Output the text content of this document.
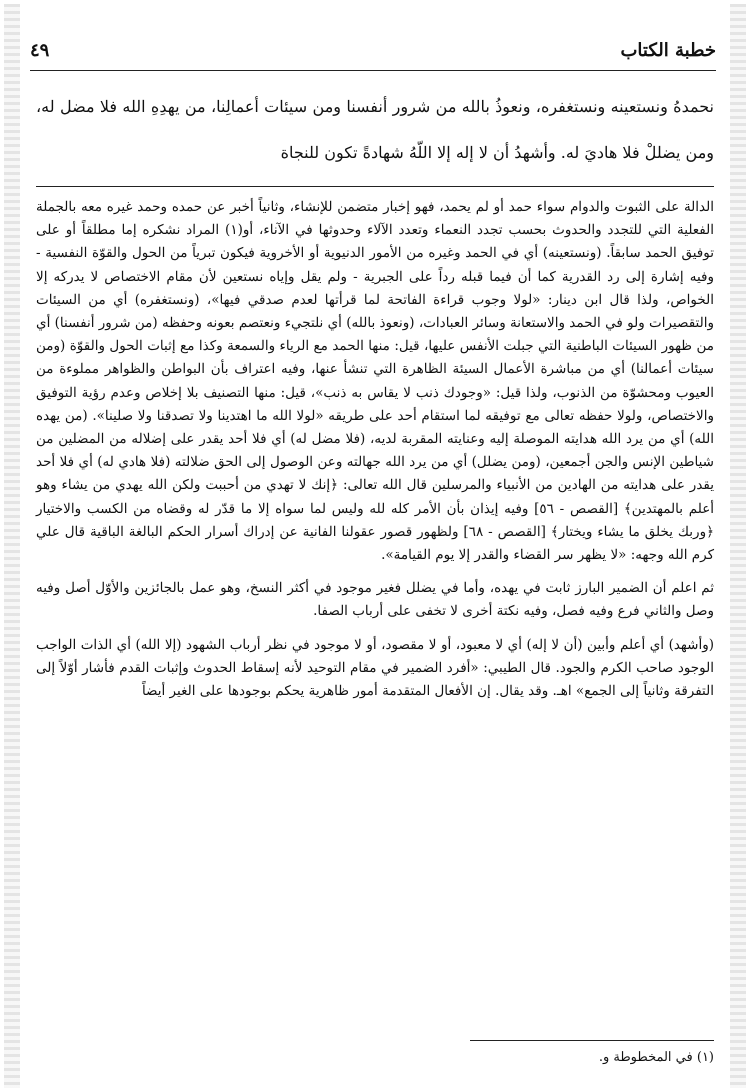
٤٩	خطبة الكتاب
نحمدهُ ونستعينه ونستغفره، ونعوذُ بالله من شرور أنفسنا ومن سيئات أعمالِنا، من يهدِهِ الله فلا مضل له، ومن يضللْ فلا هاديَ له. وأشهدُ أن لا إله إلا اللّهُ شهادةً تكون للنجاة

الدالة على الثبوت والدوام سواء حمد أو لم يحمد، فهو إخبار متضمن للإنشاء، وثانياً أخبر عن حمده وحمد غيره معه بالجملة الفعلية التي للتجدد والحدوث بحسب تجدد النعماء وتعدد الآلاء وحدوثها في الآناء، أو(١) المراد نشكره إما مطلقاً أو على توفيق الحمد سابقاً. (ونستعينه) أي في الحمد وغيره من الأمور الدنيوية أو الأخروية فيكون تبرياً من الحول والقوّة النفسية - وفيه إشارة إلى رد القدرية كما أن فيما قبله رداً على الجبرية - ولم يقل وإياه نستعين لأن مقام الاختصاص لا يدركه إلا الخواص، ولذا قال ابن دينار: «لولا وجوب قراءة الفاتحة لما قرأتها لعدم صدقي فيها»، (ونستغفره) أي من السيئات والتقصيرات ولو في الحمد والاستعانة وسائر العبادات، (ونعوذ بالله) أي نلتجيء ونعتصم بعونه وحفظه (من شرور أنفسنا) أي من ظهور السيئات الباطنية التي جبلت الأنفس عليها، قيل: منها الحمد مع الرياء والسمعة وكذا مع إثبات الحول والقوّة (ومن سيئات أعمالنا) أي من مباشرة الأعمال السيئة الظاهرة التي تنشأ عنها، وفيه اعتراف بأن البواطن والظواهر مملوءة من العيوب ومحشوّة من الذنوب، ولذا قيل: «وجودك ذنب لا يقاس به ذنب»، قيل: منها التصنيف بلا إخلاص وعدم رؤية التوفيق والاختصاص، ولولا حفظه تعالى مع توفيقه لما استقام أحد على طريقه «لولا الله ما اهتدينا ولا تصدقنا ولا صلينا». (من يهده الله) أي من يرد الله هدايته الموصلة إليه وعنايته المقربة لديه، (فلا مضل له) أي فلا أحد يقدر على إضلاله من المضلين من شياطين الإنس والجن أجمعين، (ومن يضلل) أي من يرد الله جهالته وعن الوصول إلى الحق ضلالته (فلا هادي له) أي فلا أحد يقدر على هدايته من الهادين من الأنبياء والمرسلين قال الله تعالى: ﴿إنك لا تهدي من أحببت ولكن الله يهدي من يشاء وهو أعلم بالمهتدين﴾ [القصص - ٥٦] وفيه إيذان بأن الأمر كله لله وليس لما سواه إلا ما قدّر له وقضاه من الكسب والاختيار ﴿وربك يخلق ما يشاء ويختار﴾ [القصص - ٦٨] ولظهور قصور عقولنا الفانية عن إدراك أسرار الحكم البالغة الباقية قال علي كرم الله وجهه: «لا يظهر سر القضاء والقدر إلا يوم القيامة».

ثم اعلم أن الضمير البارز ثابت في يهده، وأما في يضلل فغير موجود في أكثر النسخ، وهو عمل بالجائزين والأوّل أصل وفيه وصل والثاني فرع وفيه فصل، وفيه نكتة أخرى لا تخفى على أرباب الصفا.

(وأشهد) أي أعلم وأبين (أن لا إله) أي لا معبود، أو لا مقصود، أو لا موجود في نظر أرباب الشهود (إلا الله) أي الذات الواجب الوجود صاحب الكرم والجود. قال الطيبي: «أفرد الضمير في مقام التوحيد لأنه إسقاط الحدوث وإثبات القدم فأشار أوّلاً إلى التفرقة وثانياً إلى الجمع» اهـ. وقد يقال. إن الأفعال المتقدمة أمور ظاهرية يحكم بوجودها على الغير أيضاً

(١) في المخطوطة و.
